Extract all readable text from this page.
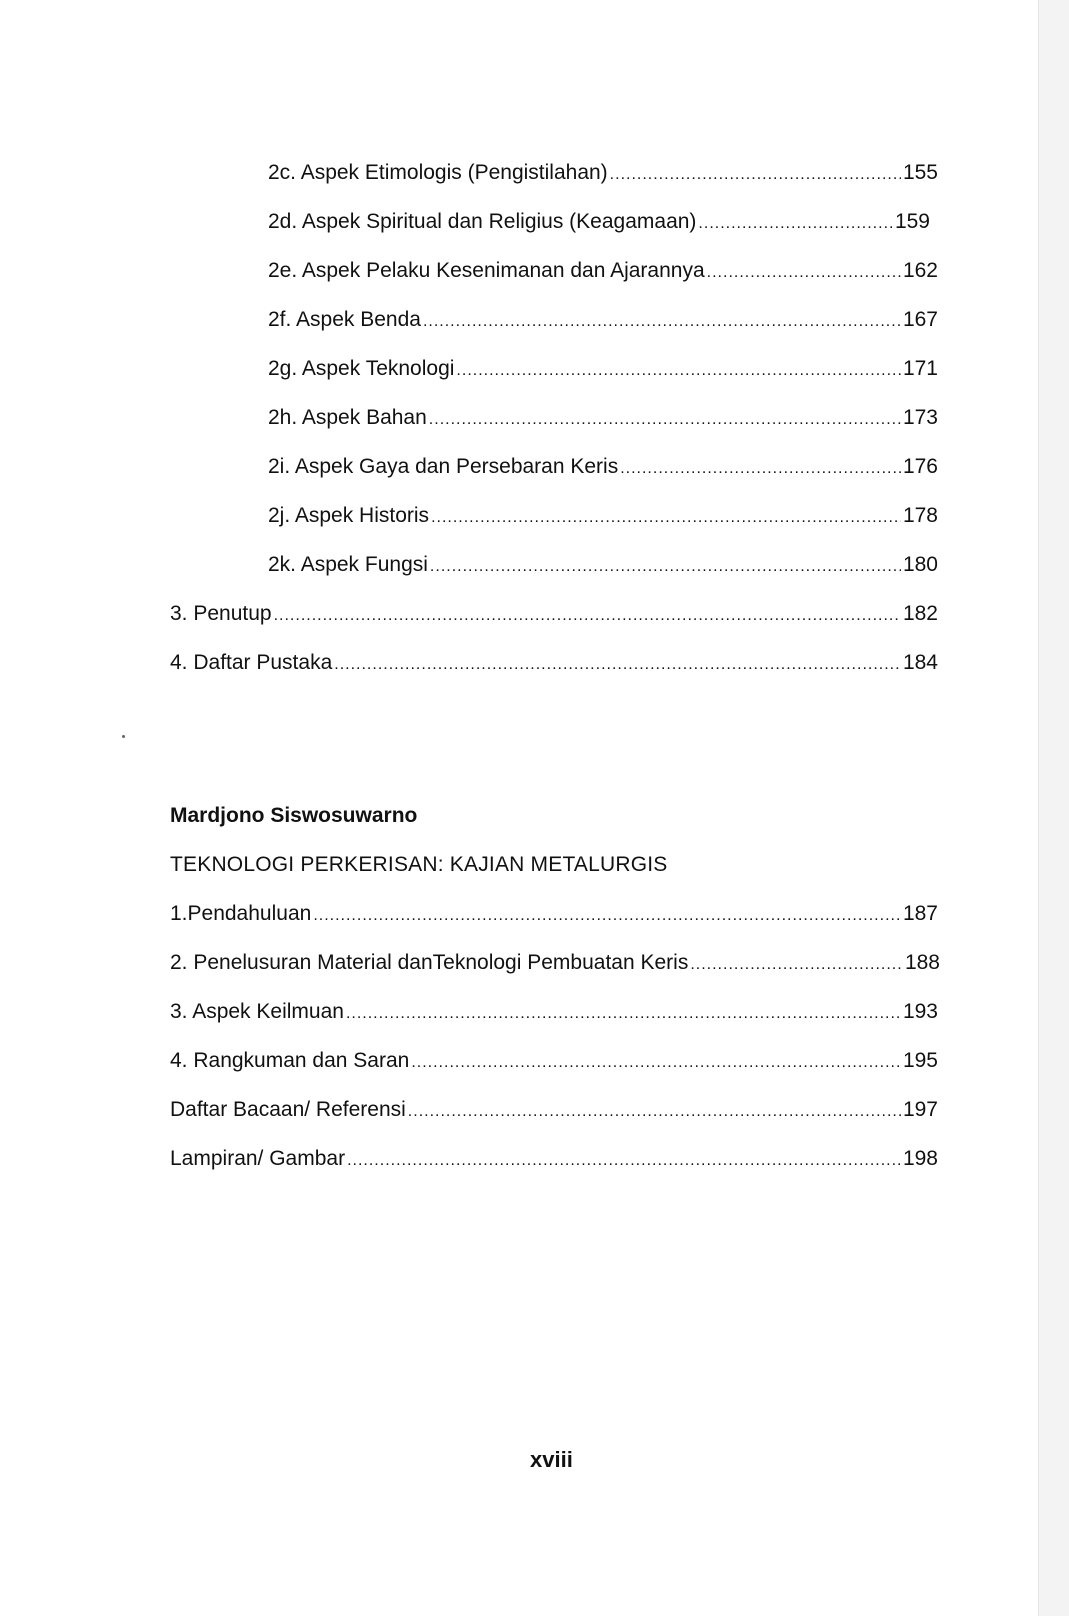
2c. Aspek Etimologis (Pengistilahan) .....	155
2d. Aspek Spiritual dan Religius (Keagamaan) .....	159
2e. Aspek Pelaku Kesenimanan dan Ajarannya .....	162
2f. Aspek Benda .....	167
2g. Aspek Teknologi .....	171
2h. Aspek Bahan .....	173
2i. Aspek Gaya dan Persebaran Keris .....	176
2j. Aspek Historis .....	178
2k. Aspek Fungsi .....	180
3. Penutup .....	182
4. Daftar Pustaka .....	184
Mardjono Siswosuwarno
TEKNOLOGI PERKERISAN: KAJIAN METALURGIS
1.Pendahuluan .....	187
2. Penelusuran Material danTeknologi Pembuatan Keris .....	188
3. Aspek Keilmuan .....	193
4. Rangkuman dan Saran .....	195
Daftar Bacaan/ Referensi .....	197
Lampiran/ Gambar .....	198
xviii
